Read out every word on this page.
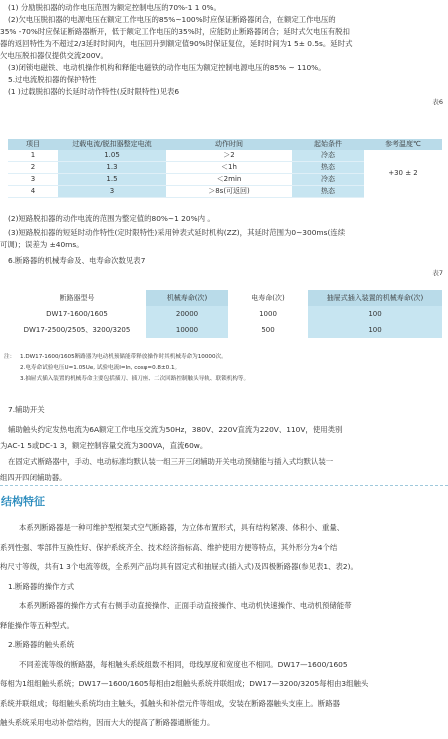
(1) 分励脱扣器的动作电压范围为额定控制电压的70%-1 1 0%。
(2)欠电压脱扣器的电源电压在额定工作电压的85%~100%时应保证断路器闭合，在额定工作电压的
35% -70%时应保证断路器断开，低于额定工作电压的35%时，应能防止断路器闭合；延时式欠电压有脱扣
器的返回特性为不超过2/3延时时间内，电压回升到额定值90%时保证复位，延时时间为1 5± 0.5s。延时式
欠电压脱扣器仅提供交流200V。
(3)闭锁电磁铁、电动机操作机构和释能电磁铁的动作电压为额定控制电源电压的85% ~ 110%。
5.过电流脱扣器的保护特性
(1 )过载脱扣器的长延时动作特性(反时限特性)见表6
表6
项目	过载电流/脱扣器整定电流	动作时间	起始条件	参考温度℃
1	1.05	＞2	冷态	+30 ± 2
2	1.3	＜1h	热态	
3	1.5	＜2min	冷态	
4	3	＞8s(可返回)	热态	
(2)短路脱扣器的动作电流的范围为整定值的80%~1 20%内 。
(3)短路脱扣器的短延时动作特性(定时限特性)采用钟表式延时机构(ZZ)，其延时范围为0~300ms(连续
可调)；误差为 ±40ms。
6.断路器的机械寿命及、电寿命次数见表7
表7
断路器型号	机械寿命(次)	电寿命(次)	抽屉式插入装置的机械寿命(次)
DW17-1600/1605	20000	1000	100
DW17-2500/2505、3200/3205	10000	500	100
注： 1.DW17-1600/1605断路器为电动机预储能带释放操作时其机械寿命为10000次。
2.电寿命试验电压U=1.05Ue, 试验电流I=In, cosφ=0.8±0.1。
3.抽屉式插入装置的机械寿命主要包括插刀、插刀座、二次回路控制触头导轨、联锁机构等。
7.辅助开关
辅助触头约定发热电流为6A额定工作电压交流为50Hz，380V、220V直流为220V、110V，使用类别
为AC-1 5或DC-1 3，额定控制容量交流为300VA，直流60w。
在固定式断路器中，手动、电动标准均默认装一组三开三闭辅助开关电动预储能与插入式均默认装一
组四开四闭辅助器。
结构特征
本系列断路器是一种可维护型框架式空气断路器，为立体布置形式，具有结构紧凑、体积小、重量、
系列性强、零部件互换性好、保护系统齐全、技术经济指标高、维护使用方便等特点，其外形分为4个结
构尺寸等级，共有1 3个电流等级，全系列产品均具有固定式和抽屉式(插入式)及四极断路器(参见表1、表2)。
1.断路器的操作方式
本系列断路器的操作方式有右侧手动直接操作、正面手动直接操作、电动机快速操作、电动机预储能带
释能操作等五种型式。
2.断路器的触头系统
不同差流等级的断路器，每相触头系统组数不相同，母线厚度和宽度也不相同。DW17—1600/1605
每相为1组组触头系统；DW17—1600/1605每相由2组触头系统并联组成；DW17—3200/3205每相由3组触头
系统并联组成；每组触头系统均由主触头，弧触头和补偿元件等组成，安装在断路器触头支座上。断路器
触头系统采用电动补偿结构，因而大大的提高了断路器通断能力。
